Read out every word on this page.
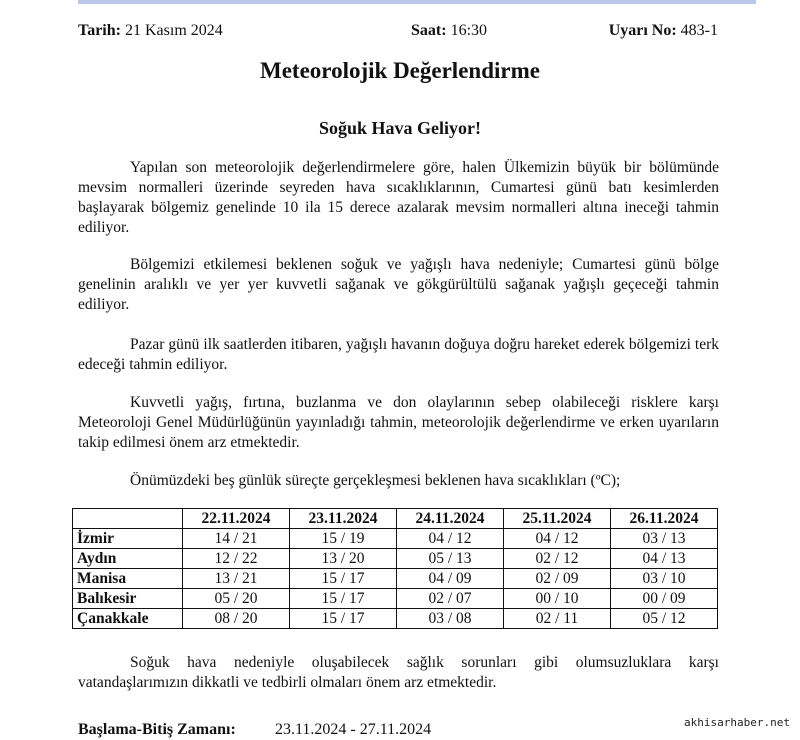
Tarih: 21 Kasım 2024	Saat: 16:30	Uyarı No: 483-1
Meteorolojik Değerlendirme
Soğuk Hava Geliyor!

Yapılan son meteorolojik değerlendirmelere göre, halen Ülkemizin büyük bir bölümünde mevsim normalleri üzerinde seyreden hava sıcaklıklarının, Cumartesi günü batı kesimlerden başlayarak bölgemiz genelinde 10 ila 15 derece azalarak mevsim normalleri altına ineceği tahmin ediliyor.

Bölgemizi etkilemesi beklenen soğuk ve yağışlı hava nedeniyle; Cumartesi günü bölge genelinin aralıklı ve yer yer kuvvetli sağanak ve gökgürültülü sağanak yağışlı geçeceği tahmin ediliyor.

Pazar günü ilk saatlerden itibaren, yağışlı havanın doğuya doğru hareket ederek bölgemizi terk edeceği tahmin ediliyor.

Kuvvetli yağış, fırtına, buzlanma ve don olaylarının sebep olabileceği risklere karşı Meteoroloji Genel Müdürlüğünün yayınladığı tahmin, meteorolojik değerlendirme ve erken uyarıların takip edilmesi önem arz etmektedir.

Önümüzdeki beş günlük süreçte gerçekleşmesi beklenen hava sıcaklıkları (ºC);

	22.11.2024	23.11.2024	24.11.2024	25.11.2024	26.11.2024
İzmir	14 / 21	15 / 19	04 / 12	04 / 12	03 / 13
Aydın	12 / 22	13 / 20	05 / 13	02 / 12	04 / 13
Manisa	13 / 21	15 / 17	04 / 09	02 / 09	03 / 10
Balıkesir	05 / 20	15 / 17	02 / 07	00 / 10	00 / 09
Çanakkale	08 / 20	15 / 17	03 / 08	02 / 11	05 / 12

Soğuk hava nedeniyle oluşabilecek sağlık sorunları gibi olumsuzluklara karşı vatandaşlarımızın dikkatli ve tedbirli olmaları önem arz etmektedir.

Başlama-Bitiş Zamanı: 23.11.2024 - 27.11.2024	akhisarhaber.net
